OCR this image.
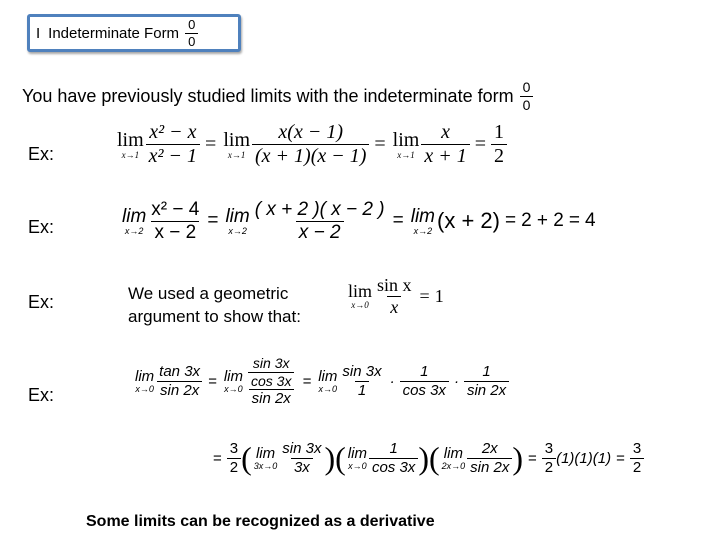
I Indeterminate Form $\frac{0}{0}$
You have previously studied limits with the indeterminate form $\frac{0}{0}$
Ex:
Ex:
Ex:
Ex:
lim
$x\to 1 \frac{\text{x² − x}}{\text{x² − 1}} = \lim$
$x\to 1 \frac{x(x - 1)}{(x + 1)(x - 1)} = \lim$
$x\to 1 \frac{x}{x + 1} = \frac{1}{2}$
lim
$x\to 2 \frac{\text{x² − 4}}{x - 2} = \lim$
$x\to 2 \frac{( x + 2 )( x - 2 )}{x - 2} = \lim$
x→2 (x + 2) = 2 + 2 = 4
We used a geometric argument to show that:
lim
$x\to 0 \frac{\text{sin x}}{x} = 1$
lim
$x\to 0 \frac{\tan 3x}{\sin 2x} = \lim$
$x\to 0 \frac{\frac{\sin 3x}{\cos 3x}}{\sin 2x} = \lim$
$x\to 0 \frac{\sin 3x}{1} \cdot \frac{1}{\cos 3x} \cdot \frac{1}{\sin 2x}$
= $\frac{3}{2}$ ( lim
$3x\to 0 \frac{\sin 3x}{3x}$ ) ( lim
$x\to 0 \frac{1}{\cos 3x}$ ) ( lim
$2x\to 0 \frac{2x}{\sin 2x}$ ) = $\frac{3}{2} (1)(1)(1) = \frac{3}{2}$
Some limits can be recognized as a derivative
